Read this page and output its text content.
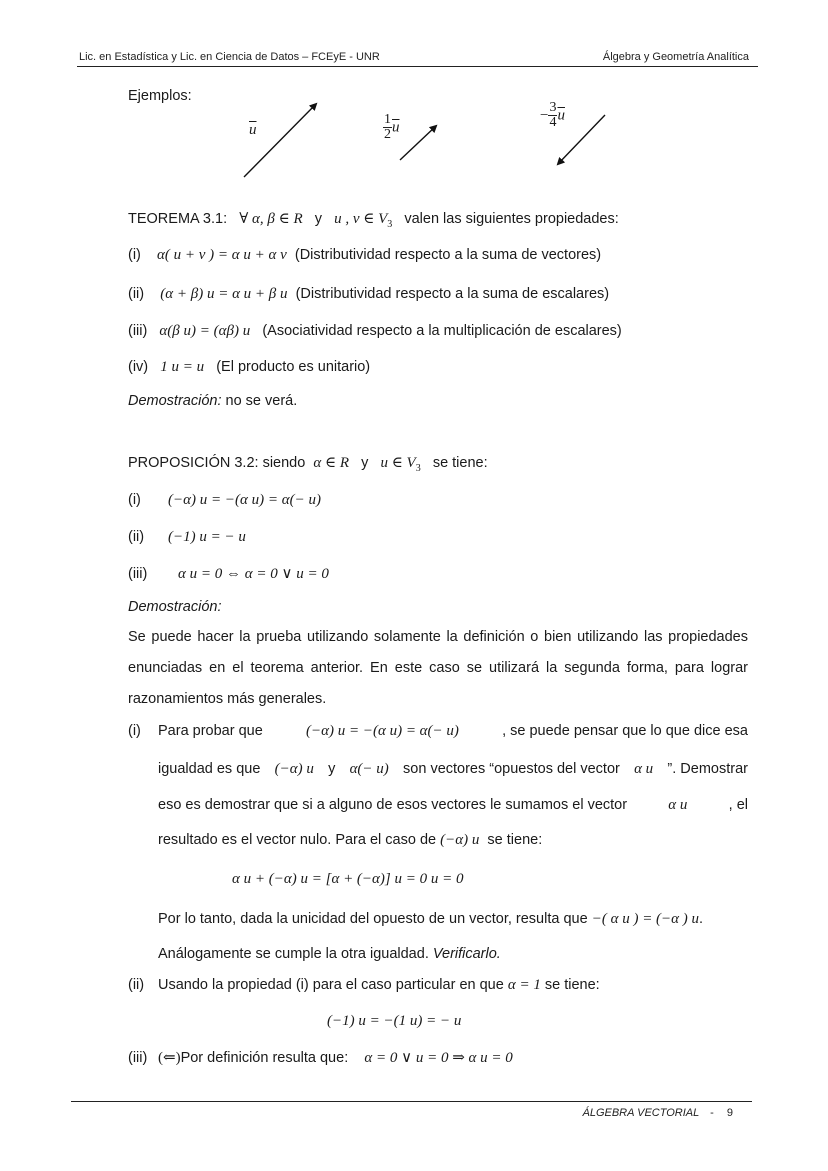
Lic. en Estadística y Lic. en Ciencia de Datos – FCEyE - UNR	Álgebra y Geometría Analítica
Ejemplos:
$\overline{u}$	$\frac{1}{2} \overline{u}$
− $\frac{3}{4} \overline{u}$
TEOREMA 3.1: ∀ α, β ∈ R y u , v ∈ $V_3$ valen las siguientes propiedades:
(i) α( u + v ) = α u + α v (Distributividad respecto a la suma de vectores)
(ii) (α + β) u = α u + β u (Distributividad respecto a la suma de escalares)
(iii) α(β u) = (αβ) u (Asociatividad respecto a la multiplicación de escalares)
(iv) 1 u = u (El producto es unitario)
Demostración: no se verá.
PROPOSICIÓN 3.2: siendo α ∈ R y u ∈ $V_3$ se tiene:
(i) (−α) u = −(α u) = α(− u)
(ii) (−1) u = − u
(iii) α u = 0 ⇔ α = 0 ∨ u = 0
Demostración:
Se puede hacer la prueba utilizando solamente la definición o bien utilizando las propiedades enunciadas en el teorema anterior. En este caso se utilizará la segunda forma, para lograr razonamientos más generales.
(i) Para probar que	(−α) u = −(α u) = α(− u)	, se puede pensar que lo que dice esa
igualdad es que (−α) u y α(− u) son vectores “opuestos del vector α u ”. Demostrar
eso es demostrar que si a alguno de esos vectores le sumamos el vector	α u	, el
resultado es el vector nulo. Para el caso de (−α) u se tiene:
α u + (−α) u = [α + (−α)] u = 0 u = 0
Por lo tanto, dada la unicidad del opuesto de un vector, resulta que −( α u ) = (−α ) u.
Análogamente se cumple la otra igualdad. Verificarlo.
(ii) Usando la propiedad (i) para el caso particular en que α = 1 se tiene:
(−1) u = −(1 u) = − u
(iii) (⇐)Por definición resulta que: α = 0 ∨ u = 0 ⇒ α u = 0
ÁLGEBRA VECTORIAL - 9
